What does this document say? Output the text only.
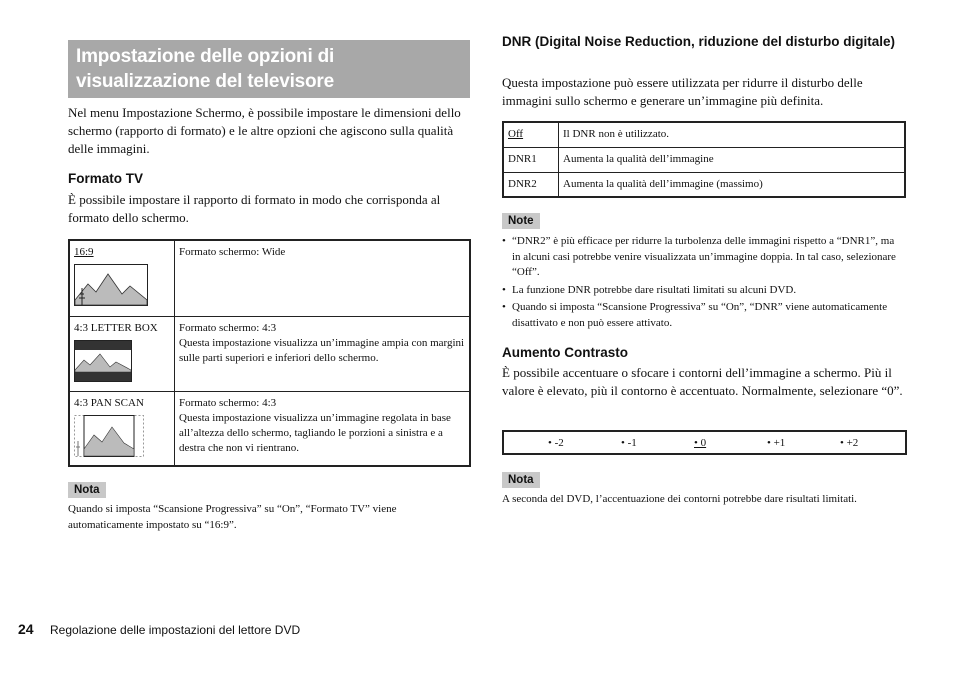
Impostazione delle opzioni di visualizzazione del televisore
Nel menu Impostazione Schermo, è possibile impostare le dimensioni dello schermo (rapporto di formato) e le altre opzioni che agiscono sulla qualità delle immagini.
Formato TV
È possibile impostare il rapporto di formato in modo che corrisponda al formato dello schermo.
16:9	Formato schermo: Wide

4:3 LETTER BOX	Formato schermo: 4:3
Questa impostazione visualizza un’immagine ampia con margini sulle parti superiori e inferiori dello schermo.

4:3 PAN SCAN	Formato schermo: 4:3
Questa impostazione visualizza un’immagine regolata in base all’altezza dello schermo, tagliando le porzioni a sinistra e a destra che non vi rientrano.
Nota
Quando si imposta “Scansione Progressiva” su “On”, “Formato TV” viene automaticamente impostato su “16:9”.
DNR (Digital Noise Reduction, riduzione del disturbo digitale)
Questa impostazione può essere utilizzata per ridurre il disturbo delle immagini sullo schermo e generare un’immagine più definita.
Off	Il DNR non è utilizzato.
DNR1	Aumenta la qualità dell’immagine
DNR2	Aumenta la qualità dell’immagine (massimo)
Note
• “DNR2” è più efficace per ridurre la turbolenza delle immagini rispetto a “DNR1”, ma in alcuni casi potrebbe venire visualizzata un’immagine doppia. In tal caso, selezionare “Off”.
• La funzione DNR potrebbe dare risultati limitati su alcuni DVD.
• Quando si imposta “Scansione Progressiva” su “On”, “DNR” viene automaticamente disattivato e non può essere attivato.
Aumento Contrasto
È possibile accentuare o sfocare i contorni dell’immagine a schermo. Più il valore è elevato, più il contorno è accentuato. Normalmente, selezionare “0”.
• -2	• -1	• 0	• +1	• +2
Nota
A seconda del DVD, l’accentuazione dei contorni potrebbe dare risultati limitati.
24 Regolazione delle impostazioni del lettore DVD
